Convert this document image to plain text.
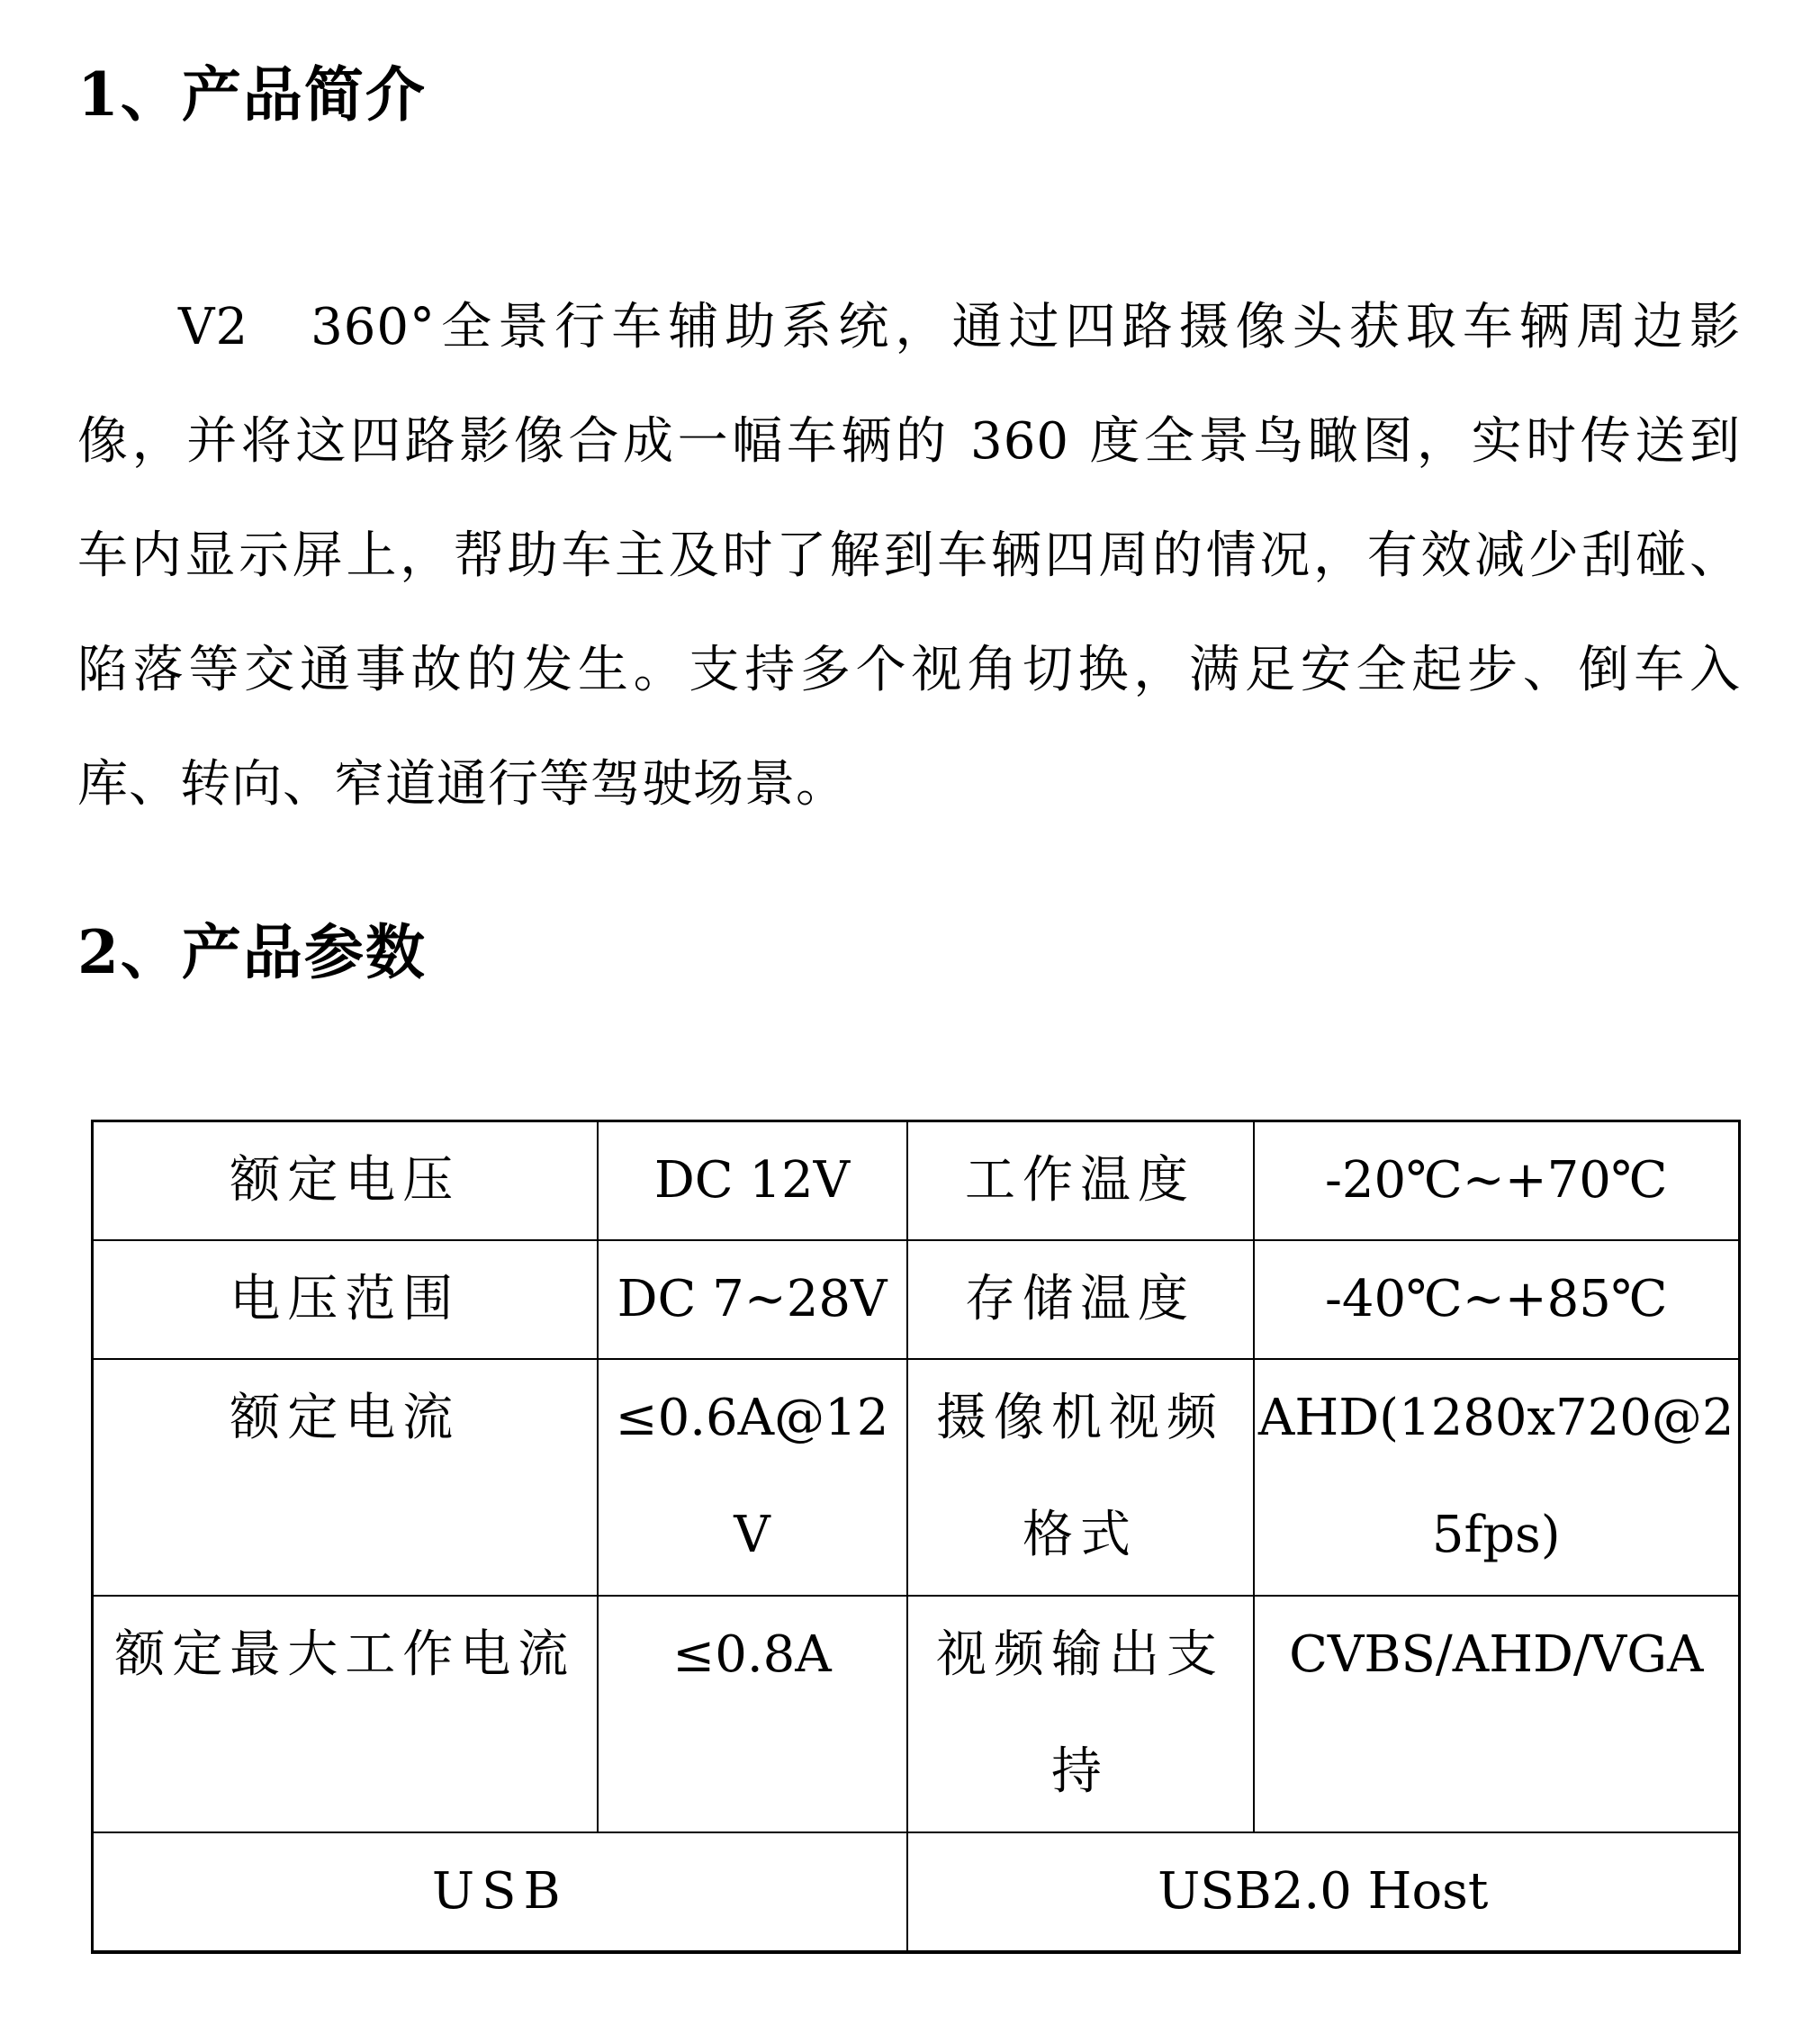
1、产品简介
V2　360°全景行车辅助系统，通过四路摄像头获取车辆周边影
像，并将这四路影像合成一幅车辆的 360 度全景鸟瞰图，实时传送到
车内显示屏上，帮助车主及时了解到车辆四周的情况，有效减少刮碰、
陷落等交通事故的发生。支持多个视角切换，满足安全起步、倒车入
库、转向、窄道通行等驾驶场景。
2、产品参数
额定电压	DC 12V	工作温度	-20℃~+70℃
电压范围	DC 7~28V	存储温度	-40℃~+85℃
额定电流	≤0.6A@12V	摄像机视频格式	AHD(1280x720@25fps)
额定最大工作电流	≤0.8A	视频输出支持	CVBS/AHD/VGA
USB		USB2.0 Host	
